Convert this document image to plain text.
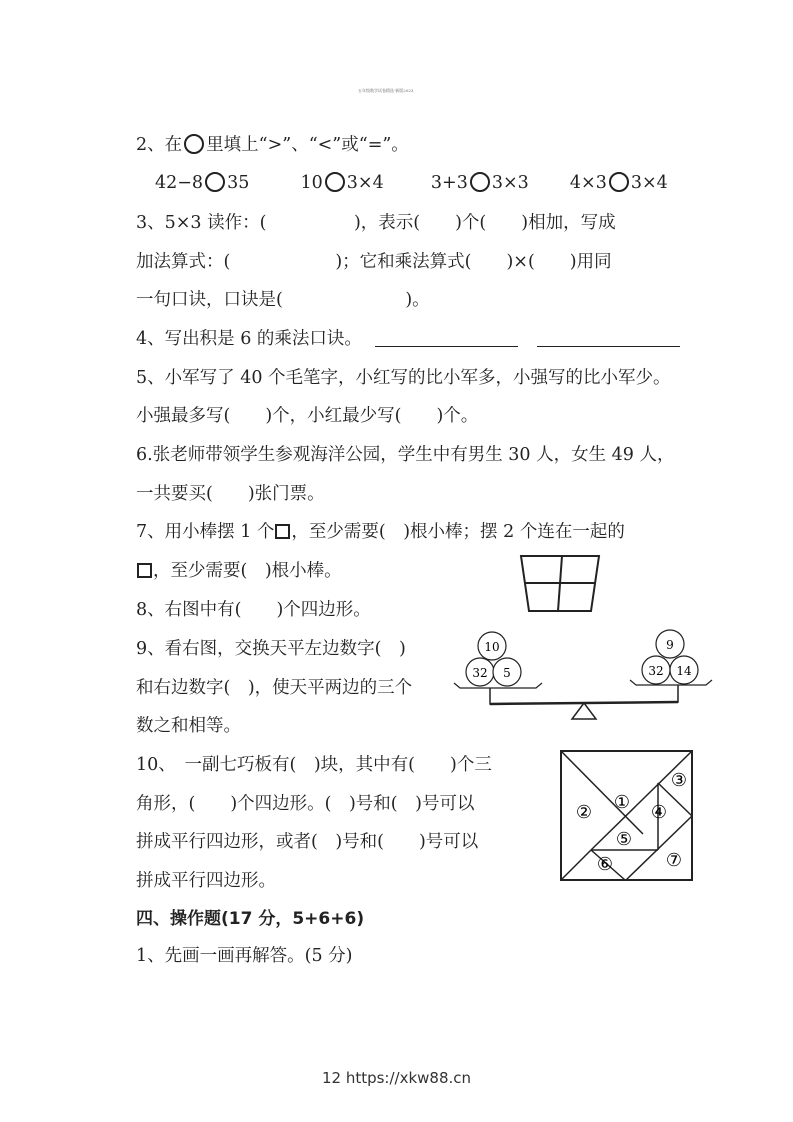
五年级数学试卷精选·新版2023
2、在 里填上“>”、“<”或“=”。
42−8 35	10 3×4	3+3 3×3 4×3 3×4
3、5×3 读作：(　　　　　)，表示(　　)个(　　)相加，写成
加法算式：(　　　　　　)；它和乘法算式(　　)×(　　)用同
一句口诀，口诀是(　　　　　　　)。
4、写出积是 6 的乘法口诀。
5、小军写了 40 个毛笔字，小红写的比小军多，小强写的比小军少。
小强最多写(　　)个，小红最少写(　　)个。
6.张老师带领学生参观海洋公园，学生中有男生 30 人，女生 49 人，
一共要买(　　)张门票。
7、用小棒摆 1 个 ，至少需要(　)根小棒；摆 2 个连在一起的
，至少需要(　)根小棒。
8、右图中有(　　)个四边形。
9、看右图，交换天平左边数字(　)
和右边数字(　)，使天平两边的三个
数之和相等。
10
32 5
9
32 14
10、　一副七巧板有(　)块，其中有(　　)个三
角形，(　　)个四边形。(　)号和(　)号可以
拼成平行四边形，或者(　)号和(　　)号可以
拼成平行四边形。
①
②
③
④
⑤
⑥	⑦
四、操作题(17 分，5+6+6)
1、先画一画再解答。(5 分)
12 https://xkw88.cn
